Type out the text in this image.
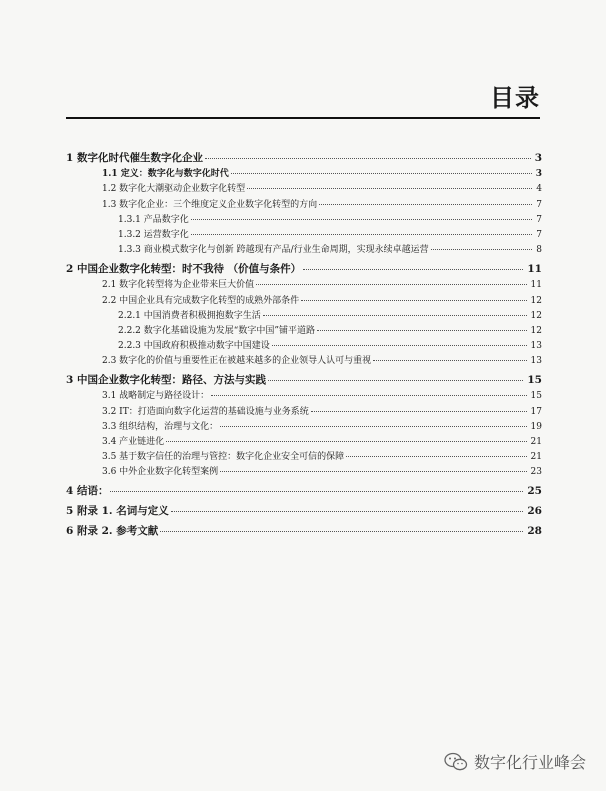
目录
1 数字化时代催生数字化企业	3
1.1 定义：数字化与数字化时代	3
1.2 数字化大潮驱动企业数字化转型	4
1.3 数字化企业：三个维度定义企业数字化转型的方向	7
1.3.1 产品数字化	7
1.3.2 运营数字化	7
1.3.3 商业模式数字化与创新 跨越现有产品/行业生命周期，实现永续卓越运营	8
2 中国企业数字化转型：时不我待 （价值与条件）	11
2.1 数字化转型将为企业带来巨大价值	11
2.2 中国企业具有完成数字化转型的成熟外部条件	12
2.2.1 中国消费者积极拥抱数字生活	12
2.2.2 数字化基础设施为发展“数字中国”铺平道路	12
2.2.3 中国政府积极推动数字中国建设	13
2.3 数字化的价值与重要性正在被越来越多的企业领导人认可与重视	13
3 中国企业数字化转型：路径、方法与实践	15
3.1 战略制定与路径设计：	15
3.2 IT：打造面向数字化运营的基础设施与业务系统	17
3.3 组织结构，治理与文化：	19
3.4 产业链进化	21
3.5 基于数字信任的治理与管控：数字化企业安全可信的保障	21
3.6 中外企业数字化转型案例	23
4 结语：	25
5 附录 1. 名词与定义	26
6 附录 2. 参考文献	28
数字化行业峰会
